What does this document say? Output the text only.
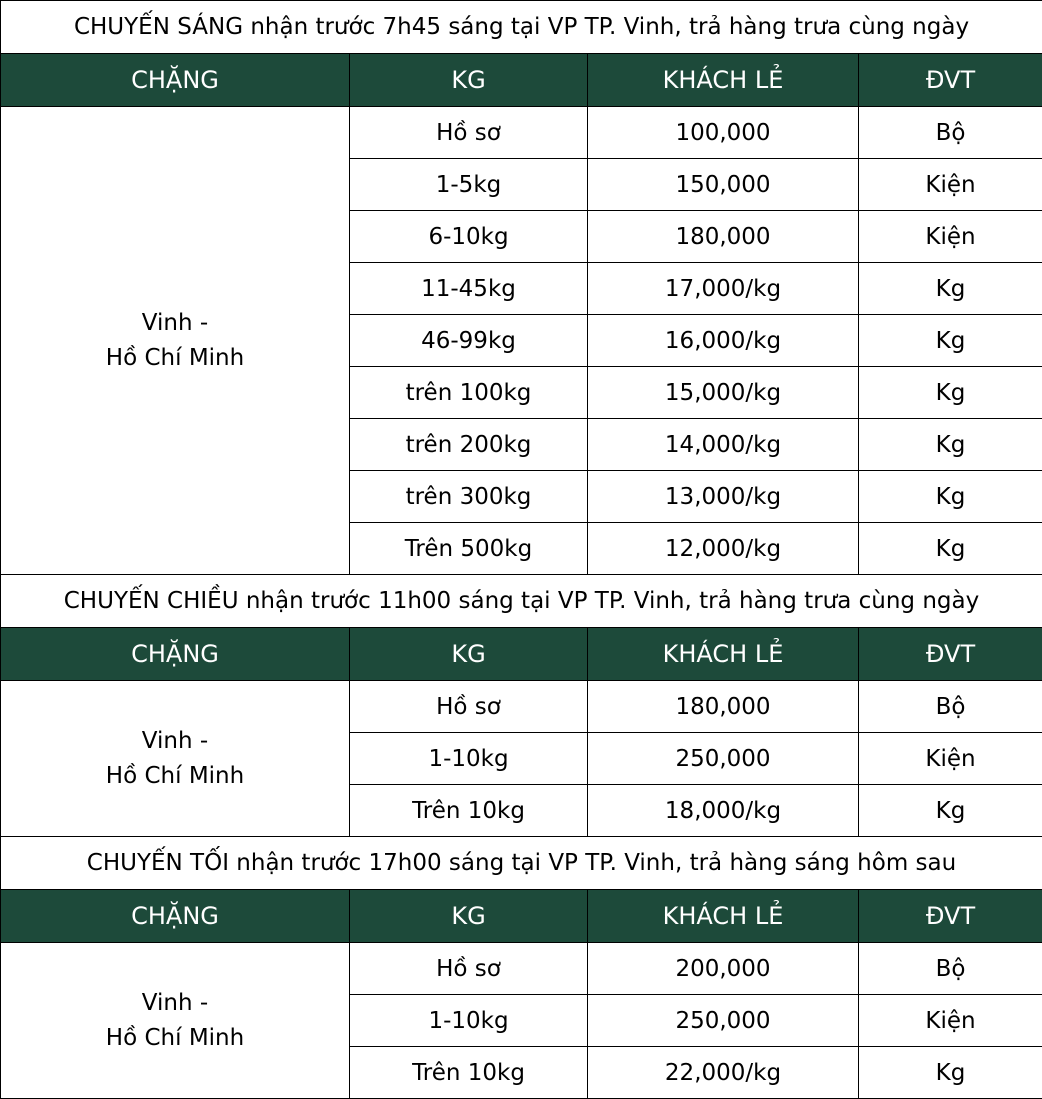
CHUYẾN SÁNG nhận trước 7h45 sáng tại VP TP. Vinh, trả hàng trưa cùng ngày			
CHẶNG	KG	KHÁCH LẺ	ĐVT

Vinh -
Hồ Chí Minh	Hồ sơ	100,000	Bộ
	1-5kg	150,000	Kiện
	6-10kg	180,000	Kiện
	11-45kg	17,000/kg	Kg
	46-99kg	16,000/kg	Kg
	trên 100kg	15,000/kg	Kg
	trên 200kg	14,000/kg	Kg
	trên 300kg	13,000/kg	Kg
	Trên 500kg	12,000/kg	Kg
CHUYẾN CHIỀU nhận trước 11h00 sáng tại VP TP. Vinh, trả hàng trưa cùng ngày			
CHẶNG	KG	KHÁCH LẺ	ĐVT

Vinh -
Hồ Chí Minh	Hồ sơ	180,000	Bộ
	1-10kg	250,000	Kiện
	Trên 10kg	18,000/kg	Kg
CHUYẾN TỐI nhận trước 17h00 sáng tại VP TP. Vinh, trả hàng sáng hôm sau			
CHẶNG	KG	KHÁCH LẺ	ĐVT

Vinh -
Hồ Chí Minh	Hồ sơ	200,000	Bộ
	1-10kg	250,000	Kiện
	Trên 10kg	22,000/kg	Kg
